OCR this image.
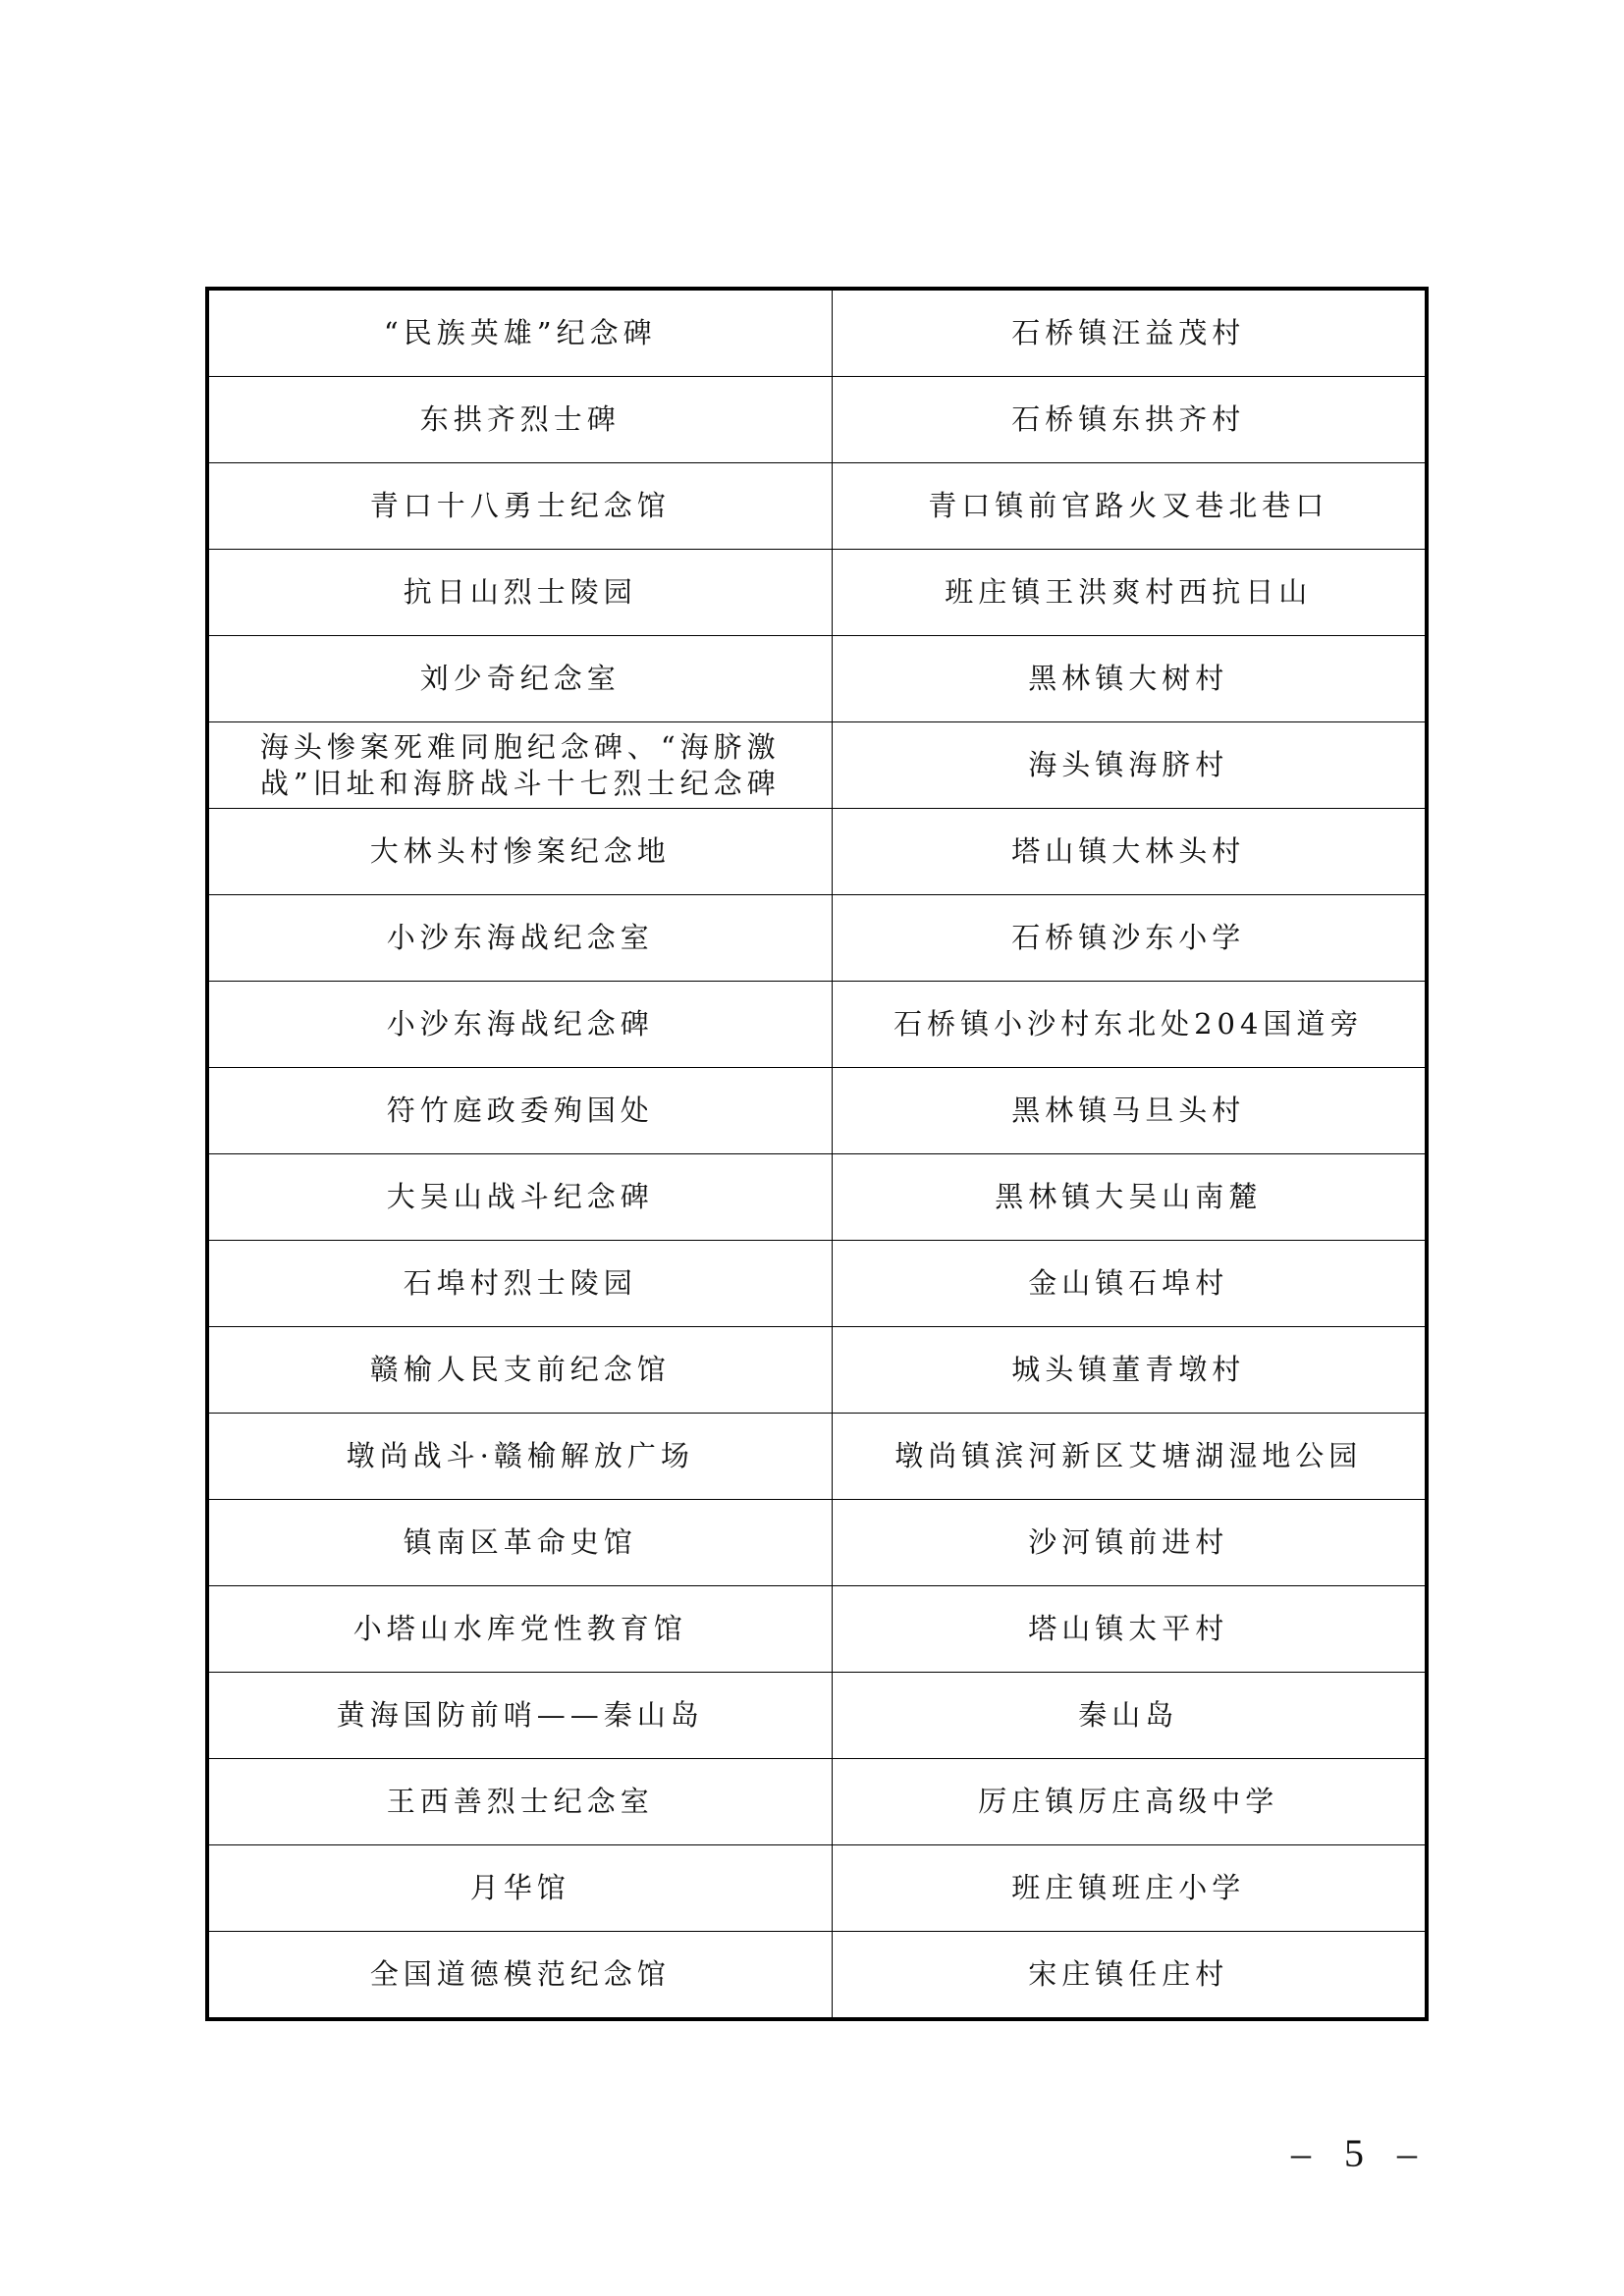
“民族英雄”纪念碑	石桥镇汪益茂村
东拱齐烈士碑	石桥镇东拱齐村
青口十八勇士纪念馆	青口镇前官路火叉巷北巷口
抗日山烈士陵园	班庄镇王洪爽村西抗日山
刘少奇纪念室	黑林镇大树村
海头惨案死难同胞纪念碑、“海脐激战”旧址和海脐战斗十七烈士纪念碑	海头镇海脐村
大林头村惨案纪念地	塔山镇大林头村
小沙东海战纪念室	石桥镇沙东小学
小沙东海战纪念碑	石桥镇小沙村东北处204国道旁
符竹庭政委殉国处	黑林镇马旦头村
大吴山战斗纪念碑	黑林镇大吴山南麓
石埠村烈士陵园	金山镇石埠村
赣榆人民支前纪念馆	城头镇董青墩村
墩尚战斗·赣榆解放广场	墩尚镇滨河新区艾塘湖湿地公园
镇南区革命史馆	沙河镇前进村
小塔山水库党性教育馆	塔山镇太平村
黄海国防前哨——秦山岛	秦山岛
王西善烈士纪念室	厉庄镇厉庄高级中学
月华馆	班庄镇班庄小学
全国道德模范纪念馆	宋庄镇任庄村
– 5 –
